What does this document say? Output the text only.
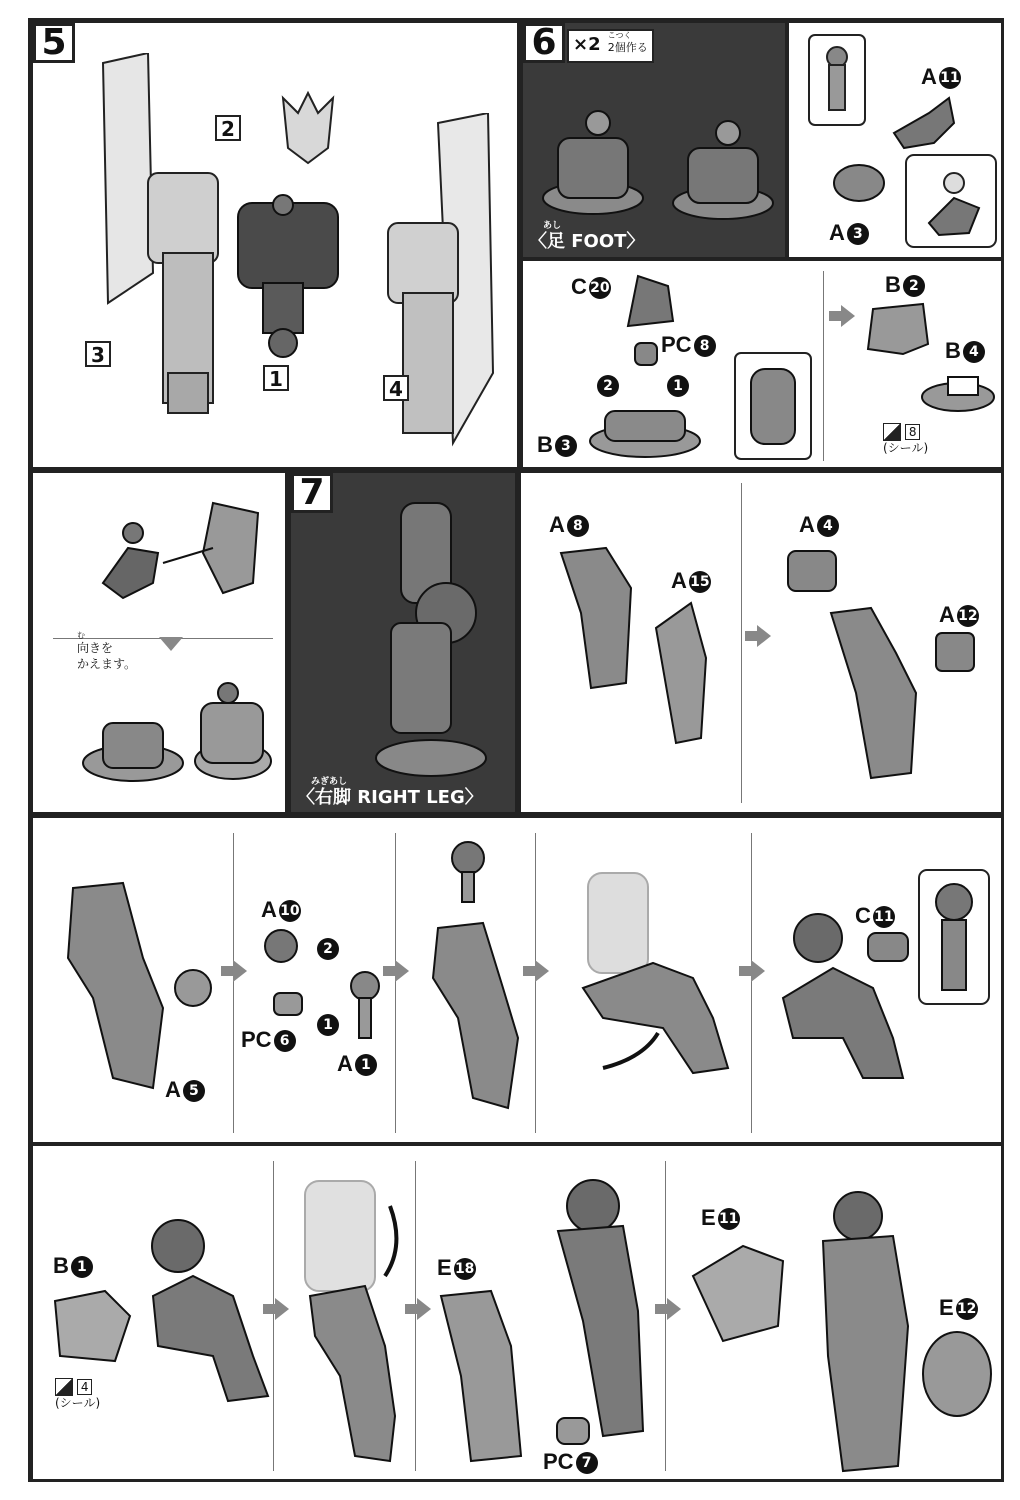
5
3
2
1	4
6 ×2 こつく
2個作る
あし
〈足 FOOT〉
A 11
A 3
C 20
PC 8
2	1
B 3
B 2
B 4
8
(シール)
む
向きを
かえます。
7
みぎあし
〈右脚 RIGHT LEG〉
A 8
A 15
A 4
A 12
A 5
A 10
2
PC 6
1
A 1
C 11
B 1
4
(シール)
E 18
PC 7
E 11
E 12
